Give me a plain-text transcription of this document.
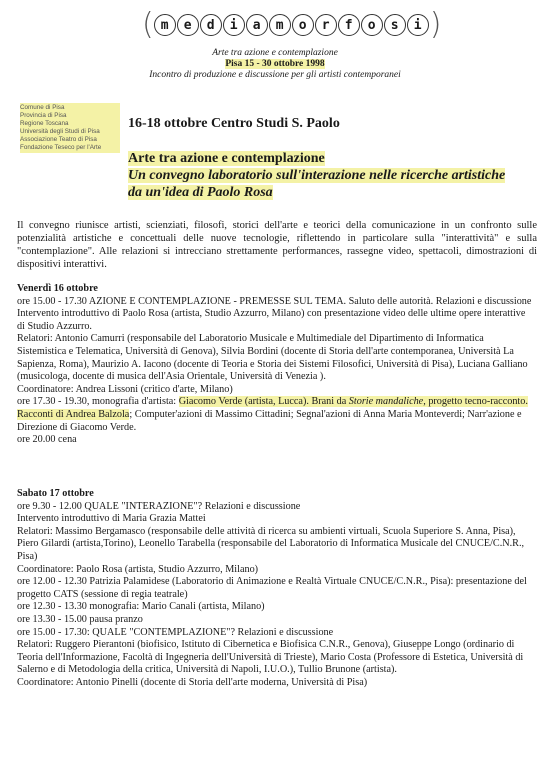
( m	e	d	i	a	m	o	r	f	o	s	i )
Arte tra azione e contemplazione
Pisa 15 - 30 ottobre 1998
Incontro di produzione e discussione per gli artisti contemporanei
Comune di Pisa
Provincia di Pisa
Regione Toscana
Università degli Studi di Pisa
Associazione Teatro di Pisa
Fondazione Teseco per l'Arte
16-18 ottobre Centro Studi S. Paolo
Arte tra azione e contemplazione
Un convegno laboratorio sull'interazione nelle ricerche artistiche
da un'idea di Paolo Rosa
Il convegno riunisce artisti, scienziati, filosofi, storici dell'arte e teorici della comunicazione in un confronto sulle potenzialità artistiche e concettuali delle nuove tecnologie, riflettendo in particolare sulla "interattività" e sulla "contemplazione". Alle relazioni si intrecciano strettamente performances, rassegne video, spettacoli, dimostrazioni di dispositivi interattivi.

Venerdì 16 ottobre

ore 15.00 - 17.30 AZIONE E CONTEMPLAZIONE - PREMESSE SUL TEMA. Saluto delle autorità. Relazioni e discussione

Intervento introduttivo di Paolo Rosa (artista, Studio Azzurro, Milano) con presentazione video delle ultime opere interattive di Studio Azzurro.

Relatori: Antonio Camurri (responsabile del Laboratorio Musicale e Multimediale del Dipartimento di Informatica Sistemistica e Telematica, Università di Genova), Silvia Bordini (docente di Storia dell'arte contemporanea, Università La Sapienza, Roma), Maurizio A. Iacono (docente di Teoria e Storia dei Sistemi Filosofici, Università di Pisa), Luciana Galliano (musicologa, docente di musica dell'Asia Orientale, Università di Venezia ).

Coordinatore: Andrea Lissoni (critico d'arte, Milano)

ore 17.30 - 19.30, monografia d'artista: Giacomo Verde (artista, Lucca). Brani da Storie mandaliche, progetto tecno-racconto. Racconti di Andrea Balzola; Computer'azioni di Massimo Cittadini; Segnal'azioni di Anna Maria Monteverdi; Narr'azione e Direzione di Giacomo Verde.

ore 20.00 cena

Sabato 17 ottobre

ore 9.30 - 12.00 QUALE "INTERAZIONE"? Relazioni e discussione

Intervento introduttivo di Maria Grazia Mattei

Relatori: Massimo Bergamasco (responsabile delle attività di ricerca su ambienti virtuali, Scuola Superiore S. Anna, Pisa), Piero Gilardi (artista,Torino), Leonello Tarabella (responsabile del Laboratorio di Informatica Musicale del CNUCE/C.N.R., Pisa)

Coordinatore: Paolo Rosa (artista, Studio Azzurro, Milano)

ore 12.00 - 12.30 Patrizia Palamidese (Laboratorio di Animazione e Realtà Virtuale CNUCE/C.N.R., Pisa): presentazione del progetto CATS (sessione di regia teatrale)

ore 12.30 - 13.30 monografia: Mario Canali (artista, Milano)

ore 13.30 - 15.00 pausa pranzo

ore 15.00 - 17.30: QUALE "CONTEMPLAZIONE"? Relazioni e discussione

Relatori: Ruggero Pierantoni (biofisico, Istituto di Cibernetica e Biofisica C.N.R., Genova), Giuseppe Longo (ordinario di Teoria dell'Informazione, Facoltà di Ingegneria dell'Università di Trieste), Mario Costa (Professore di Estetica, Università di Salerno e di Metodologia della critica, Università di Napoli, I.U.O.), Tullio Brunone (artista).

Coordinatore: Antonio Pinelli (docente di Storia dell'arte moderna, Università di Pisa)
